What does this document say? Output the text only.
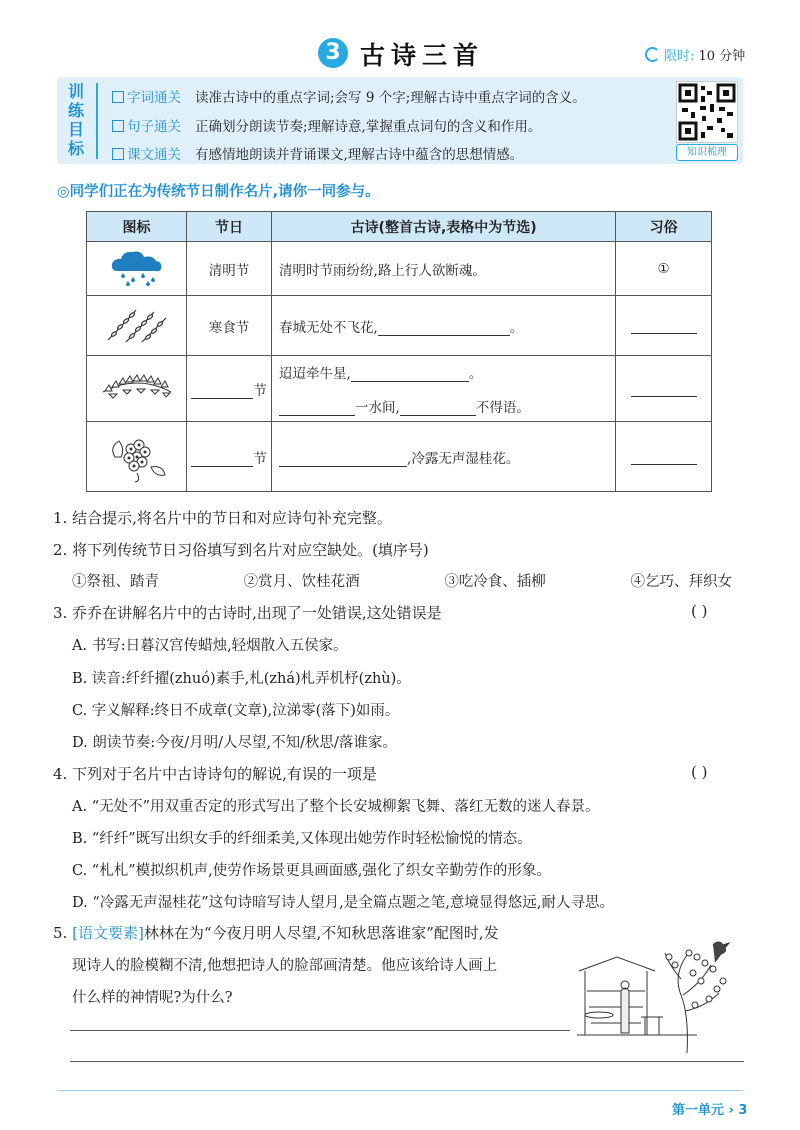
3 古诗三首	限时: 10 分钟
训
练
目
标
字词通关 读准古诗中的重点字词;会写 9 个字;理解古诗中重点字词的含义。
句子通关 正确划分朗读节奏;理解诗意,掌握重点词句的含义和作用。
课文通关 有感情地朗读并背诵课文,理解古诗中蕴含的思想情感。	知识梳理
◎同学们正在为传统节日制作名片,请你一同参与。
图标	节日	古诗(整首古诗,表格中为节选)	习俗
	清明节	清明时节雨纷纷,路上行人欲断魂。	①
	寒食节	春城无处不飞花, 。	
	节	迢迢牵牛星, 。
一水间, 不得语。	

	节	,冷露无声湿桂花。	
1. 结合提示,将名片中的节日和对应诗句补充完整。
2. 将下列传统节日习俗填写到名片对应空缺处。(填序号)
①祭祖、踏青	②赏月、饮桂花酒	③吃冷食、插柳	④乞巧、拜织女
3. 乔乔在讲解名片中的古诗时,出现了一处错误,这处错误是	( )
A. 书写:日暮汉宫传蜡烛,轻烟散入五侯家。
B. 读音:纤纤擢(zhuó)素手,札(zhá)札弄机杼(zhù)。
C. 字义解释:终日不成章(文章),泣涕零(落下)如雨。
D. 朗读节奏:今夜/月明/人尽望,不知/秋思/落谁家。
4. 下列对于名片中古诗诗句的解说,有误的一项是	( )
A. “无处不”用双重否定的形式写出了整个长安城柳絮飞舞、落红无数的迷人春景。
B. “纤纤”既写出织女手的纤细柔美,又体现出她劳作时轻松愉悦的情态。
C. “札札”模拟织机声,使劳作场景更具画面感,强化了织女辛勤劳作的形象。
D. “冷露无声湿桂花”这句诗暗写诗人望月,是全篇点题之笔,意境显得悠远,耐人寻思。
5. [语文要素]林林在为“今夜月明人尽望,不知秋思落谁家”配图时,发
现诗人的脸模糊不清,他想把诗人的脸部画清楚。他应该给诗人画上
什么样的神情呢?为什么?
第一单元 › 3
